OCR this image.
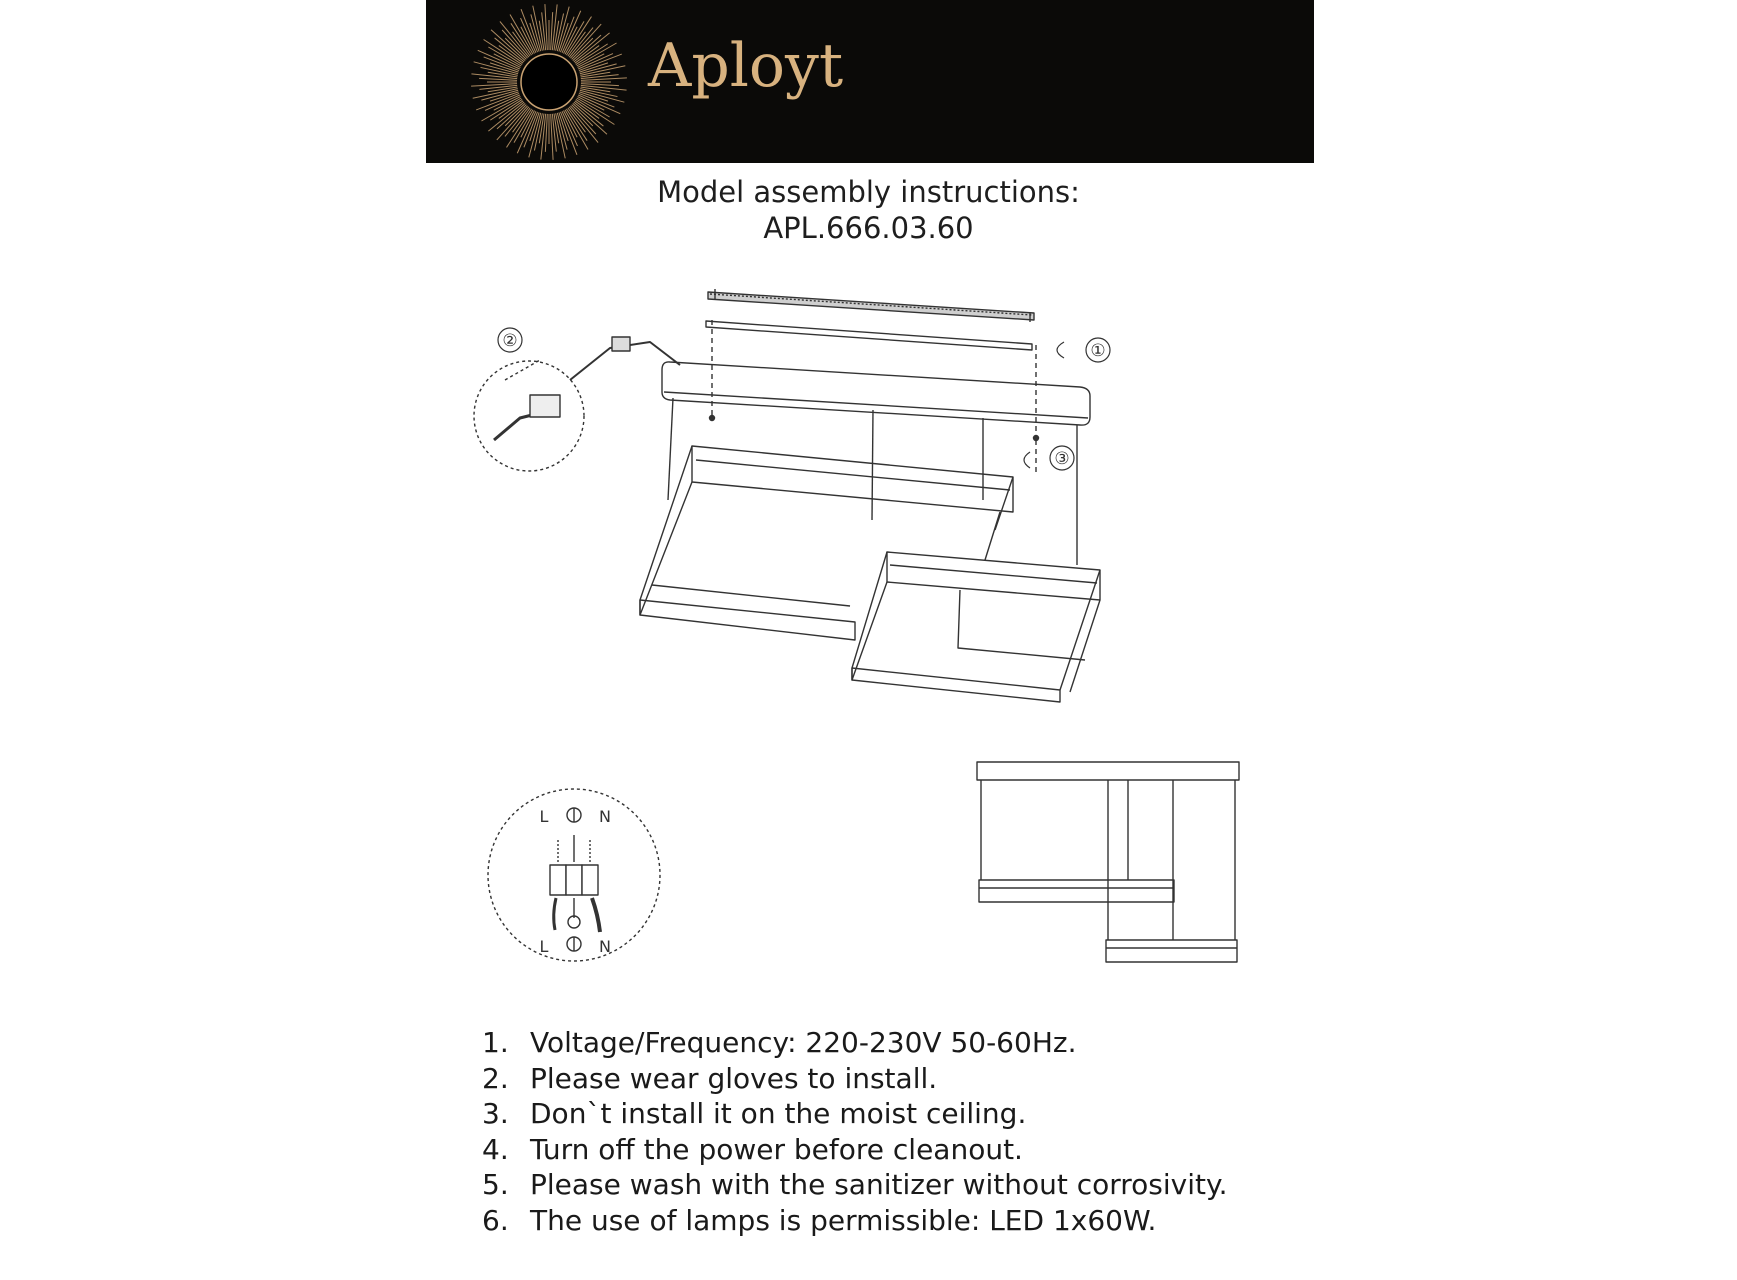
Aployt
Model assembly instructions:
APL.666.03.60
②	①
③
L	N
L	N
1. Voltage/Frequency: 220-230V 50-60Hz.
2. Please wear gloves to install.
3. Don`t install it on the moist ceiling.
4. Turn off the power before cleanout.
5. Please wash with the sanitizer without corrosivity.
6. The use of lamps is permissible: LED 1x60W.
